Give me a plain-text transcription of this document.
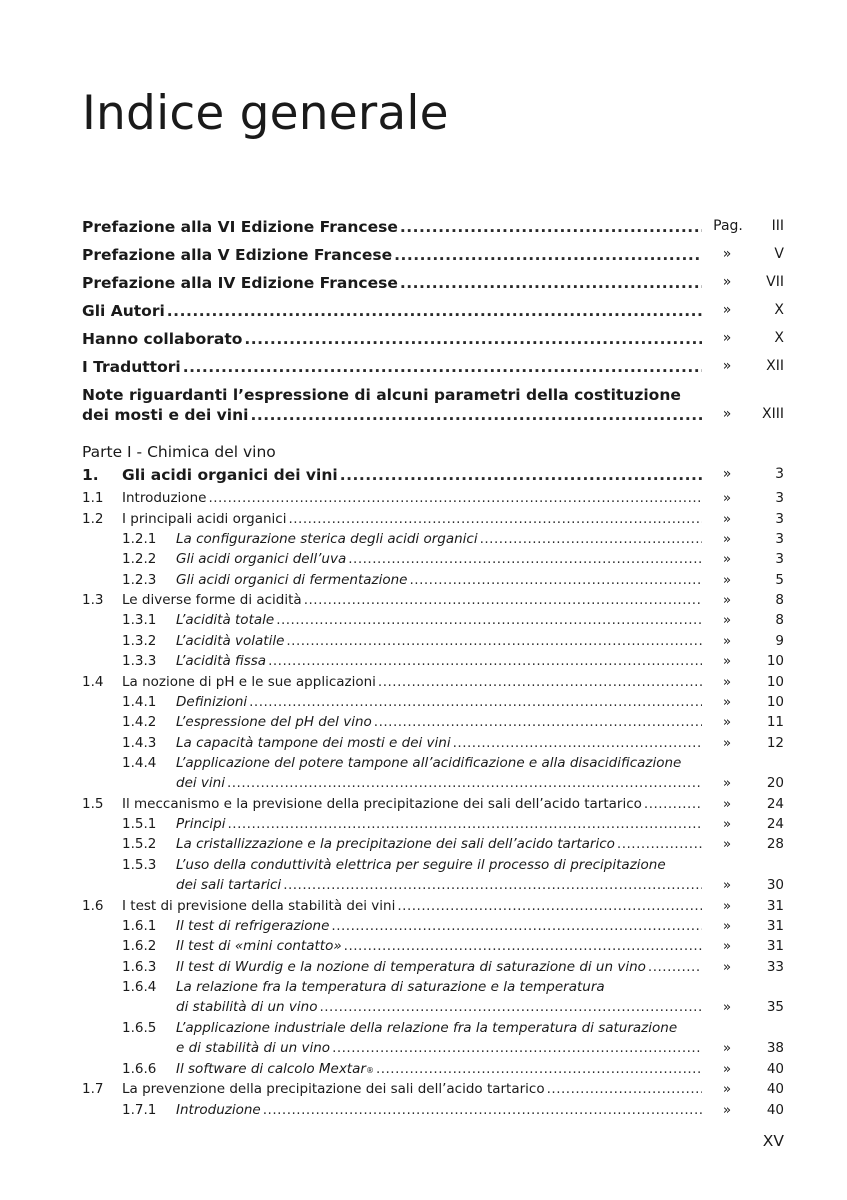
Indice generale
Prefazione alla VI Edizione Francese .....	Pag. III
Prefazione alla V Edizione Francese .....	»	V
Prefazione alla IV Edizione Francese .....	»	VII
Gli Autori .....	»	X
Hanno collaborato .....	»	X
I Traduttori .....	»	XII
Note riguardanti l’espressione di alcuni parametri della costituzione
dei mosti e dei vini .....	»	XIII
Parte I - Chimica del vino
1. Gli acidi organici dei vini .....	»	3
1.1 Introduzione .....	»	3
1.2 I principali acidi organici .....	»	3
1.2.1 La configurazione sterica degli acidi organici .....	»	3
1.2.2 Gli acidi organici dell’uva .....	»	3
1.2.3 Gli acidi organici di fermentazione .....	»	5
1.3 Le diverse forme di acidità .....	»	8
1.3.1 L’acidità totale .....	»	8
1.3.2 L’acidità volatile .....	»	9
1.3.3 L’acidità fissa .....	»	10
1.4 La nozione di pH e le sue applicazioni .....	»	10
1.4.1 Definizioni .....	»	10
1.4.2 L’espressione del pH del vino .....	»	11
1.4.3 La capacità tampone dei mosti e dei vini .....	»	12
1.4.4 L’applicazione del potere tampone all’acidificazione e alla disacidificazione
dei vini .....	»	20
1.5 Il meccanismo e la previsione della precipitazione dei sali dell’acido tartarico .....	»	24
1.5.1 Principi .....	»	24
1.5.2 La cristallizzazione e la precipitazione dei sali dell’acido tartarico .....	»	28
1.5.3 L’uso della conduttività elettrica per seguire il processo di precipitazione
dei sali tartarici .....	»	30
1.6 I test di previsione della stabilità dei vini .....	»	31
1.6.1 Il test di refrigerazione .....	»	31
1.6.2 Il test di «mini contatto» .....	»	31
1.6.3 Il test di Wurdig e la nozione di temperatura di saturazione di un vino .....	»	33
1.6.4 La relazione fra la temperatura di saturazione e la temperatura
di stabilità di un vino .....	»	35
1.6.5 L’applicazione industriale della relazione fra la temperatura di saturazione
e di stabilità di un vino .....	»	38
1.6.6 Il software di calcolo Mextar ® .....	»	40
1.7 La prevenzione della precipitazione dei sali dell’acido tartarico .....	»	40
1.7.1 Introduzione .....	»	40
XV
